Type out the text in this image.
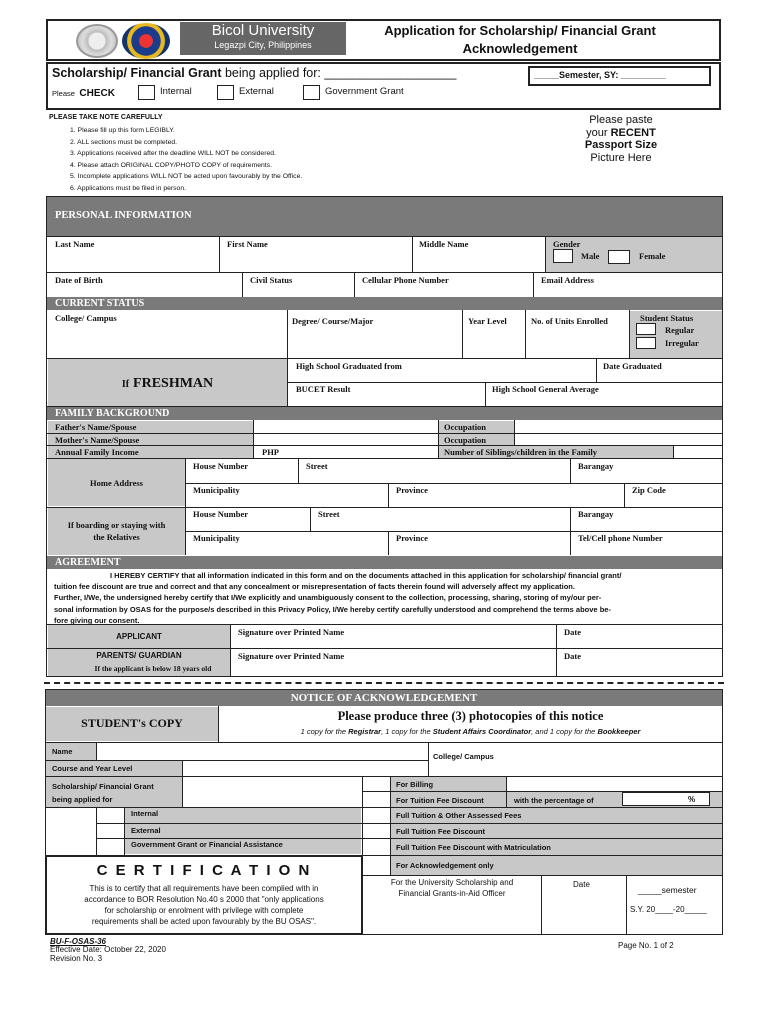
Bicol University
Legazpi City, Philippines
Application for Scholarship/ Financial Grant
Acknowledgement
Scholarship/ Financial Grant being applied for: ___________________	_____Semester, SY: _________
Please CHECK	Internal	External	Government Grant
PLEASE TAKE NOTE CAREFULLY
1. Please fill up this form LEGIBLY.
2. ALL sections must be completed.
3. Applications received after the deadline WILL NOT be considered.
4. Please attach ORIGINAL COPY/PHOTO COPY of requirements.
5. Incomplete applications WILL NOT be acted upon favourably by the Office.
6. Applications must be filed in person.
Please paste
your RECENT
Passport Size
Picture Here
PERSONAL INFORMATION
Last Name	First Name	Middle Name	Gender
Male	Female
Date of Birth	Civil Status	Cellular Phone Number	Email Address
CURRENT STATUS
College/ Campus	Degree/ Course/Major	Year Level	No. of Units Enrolled	Student Status
Regular
Irregular
If FRESHMAN
High School Graduated from	Date Graduated
BUCET Result	High School General Average
FAMILY BACKGROUND
Father's Name/Spouse	Occupation
Mother's Name/Spouse	Occupation
Annual Family Income	PHP	Number of Siblings/children in the Family
Home Address
House Number	Street	Barangay
Municipality	Province	Zip Code
If boarding or staying with
the Relatives
House Number	Street	Barangay
Municipality	Province	Tel/Cell phone Number
AGREEMENT
I HEREBY CERTIFY that all information indicated in this form and on the documents attached in this application for scholarship/ financial grant/
tuition fee discount are true and correct and that any concealment or misrepresentation of facts therein found will adversely affect my application.
Further, I/We, the undersigned hereby certify that I/We explicitly and unambiguously consent to the collection, processing, sharing, storing of my/our per-
sonal information by OSAS for the purpose/s described in this Privacy Policy, I/We hereby certify carefully understood and comprehend the terms above be-
fore giving our consent.
APPLICANT	Signature over Printed Name	Date
PARENTS/ GUARDIAN
If the applicant is below 18 years old
Signature over Printed Name	Date
NOTICE OF ACKNOWLEDGEMENT
STUDENT's COPY	Please produce three (3) photocopies of this notice
1 copy for the Registrar, 1 copy for the Student Affairs Coordinator, and 1 copy for the Bookkeeper
Name
College/ Campus
Course and Year Level
Scholarship/ Financial Grant
being applied for
Internal
External
Government Grant or Financial Assistance
For Billing
For Tuition Fee Discount	with the percentage of	%
Full Tuition & Other Assessed Fees
Full Tuition Fee Discount
Full Tuition Fee Discount with Matriculation
For Acknowledgement only
C E R T I F I C A T I O N
This is to certify that all requirements have been complied with in
accordance to BOR Resolution No.40 s 2000 that "only applications
for scholarship or enrolment with privilege with complete
requirements shall be acted upon favourably by the BU OSAS".
For the University Scholarship and
Financial Grants-in-Aid Officer
Date
_____semester
S.Y. 20____-20_____
BU-F-OSAS-36
Effective Date: October 22, 2020
Revision No. 3
Page No. 1 of 2
